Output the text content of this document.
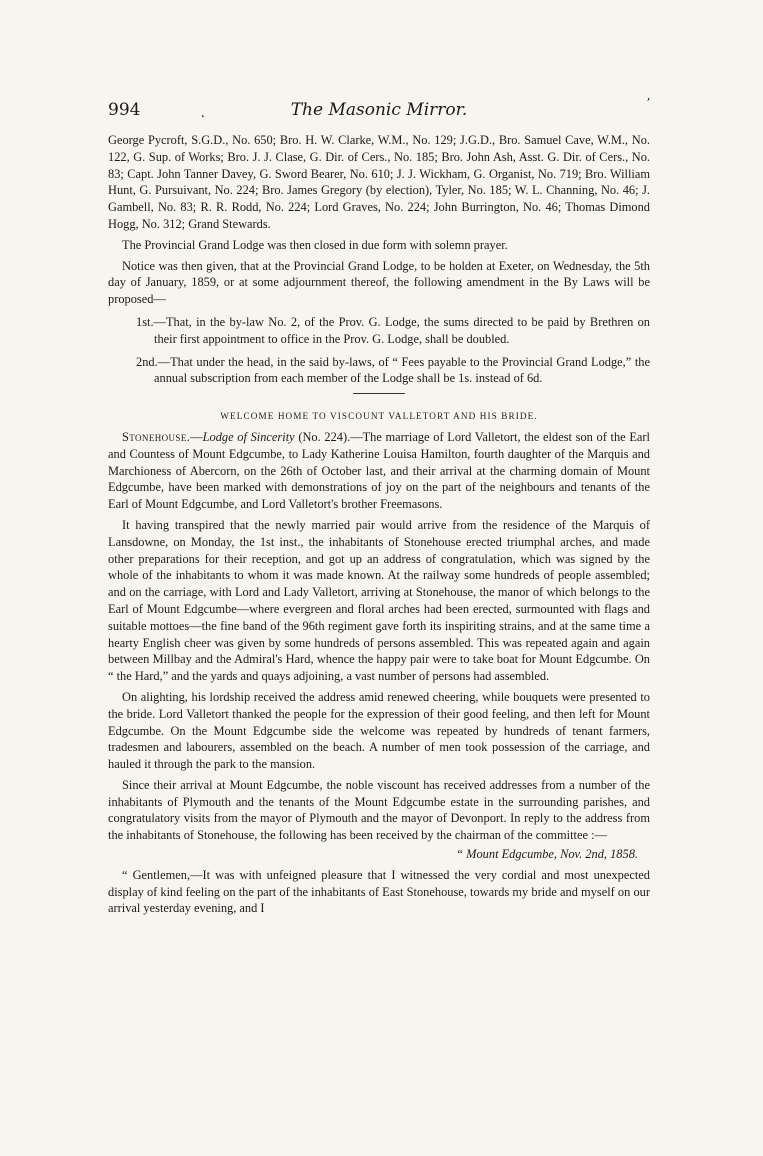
994	˛	The Masonic Mirror.	ʼ

George Pycroft, S.G.D., No. 650; Bro. H. W. Clarke, W.M., No. 129; J.G.D., Bro. Samuel Cave, W.M., No. 122, G. Sup. of Works; Bro. J. J. Clase, G. Dir. of Cers., No. 185; Bro. John Ash, Asst. G. Dir. of Cers., No. 83; Capt. John Tanner Davey, G. Sword Bearer, No. 610; J. J. Wickham, G. Organist, No. 719; Bro. William Hunt, G. Pursuivant, No. 224; Bro. James Gregory (by election), Tyler, No. 185; W. L. Channing, No. 46; J. Gambell, No. 83; R. R. Rodd, No. 224; Lord Graves, No. 224; John Burrington, No. 46; Thomas Dimond Hogg, No. 312; Grand Stewards.

The Provincial Grand Lodge was then closed in due form with solemn prayer.

Notice was then given, that at the Provincial Grand Lodge, to be holden at Exeter, on Wednesday, the 5th day of January, 1859, or at some adjournment thereof, the following amendment in the By Laws will be proposed—

1st.—That, in the by-law No. 2, of the Prov. G. Lodge, the sums directed to be paid by Brethren on their first appointment to office in the Prov. G. Lodge, shall be doubled.

2nd.—That under the head, in the said by-laws, of “ Fees payable to the Provincial Grand Lodge,” the annual subscription from each member of the Lodge shall be 1s. instead of 6d.

WELCOME HOME TO VISCOUNT VALLETORT AND HIS BRIDE.

Stonehouse.—Lodge of Sincerity (No. 224).—The marriage of Lord Valletort, the eldest son of the Earl and Countess of Mount Edgcumbe, to Lady Katherine Louisa Hamilton, fourth daughter of the Marquis and Marchioness of Abercorn, on the 26th of October last, and their arrival at the charming domain of Mount Edgcumbe, have been marked with demonstrations of joy on the part of the neighbours and tenants of the Earl of Mount Edgcumbe, and Lord Valletort's brother Freemasons.

It having transpired that the newly married pair would arrive from the residence of the Marquis of Lansdowne, on Monday, the 1st inst., the inhabitants of Stonehouse erected triumphal arches, and made other preparations for their reception, and got up an address of congratulation, which was signed by the whole of the inhabitants to whom it was made known. At the railway some hundreds of people assembled; and on the carriage, with Lord and Lady Valletort, arriving at Stonehouse, the manor of which belongs to the Earl of Mount Edgcumbe—where evergreen and floral arches had been erected, surmounted with flags and suitable mottoes—the fine band of the 96th regiment gave forth its inspiriting strains, and at the same time a hearty English cheer was given by some hundreds of persons assembled. This was repeated again and again between Millbay and the Admiral's Hard, whence the happy pair were to take boat for Mount Edgcumbe. On “ the Hard,” and the yards and quays adjoining, a vast number of persons had assembled.

On alighting, his lordship received the address amid renewed cheering, while bouquets were presented to the bride. Lord Valletort thanked the people for the expression of their good feeling, and then left for Mount Edgcumbe. On the Mount Edgcumbe side the welcome was repeated by hundreds of tenant farmers, tradesmen and labourers, assembled on the beach. A number of men took possession of the carriage, and hauled it through the park to the mansion.

Since their arrival at Mount Edgcumbe, the noble viscount has received addresses from a number of the inhabitants of Plymouth and the tenants of the Mount Edgcumbe estate in the surrounding parishes, and congratulatory visits from the mayor of Plymouth and the mayor of Devonport. In reply to the address from the inhabitants of Stonehouse, the following has been received by the chairman of the committee :—

“ Mount Edgcumbe, Nov. 2nd, 1858.

“ Gentlemen,—It was with unfeigned pleasure that I witnessed the very cordial and most unexpected display of kind feeling on the part of the inhabitants of East Stonehouse, towards my bride and myself on our arrival yesterday evening, and I
